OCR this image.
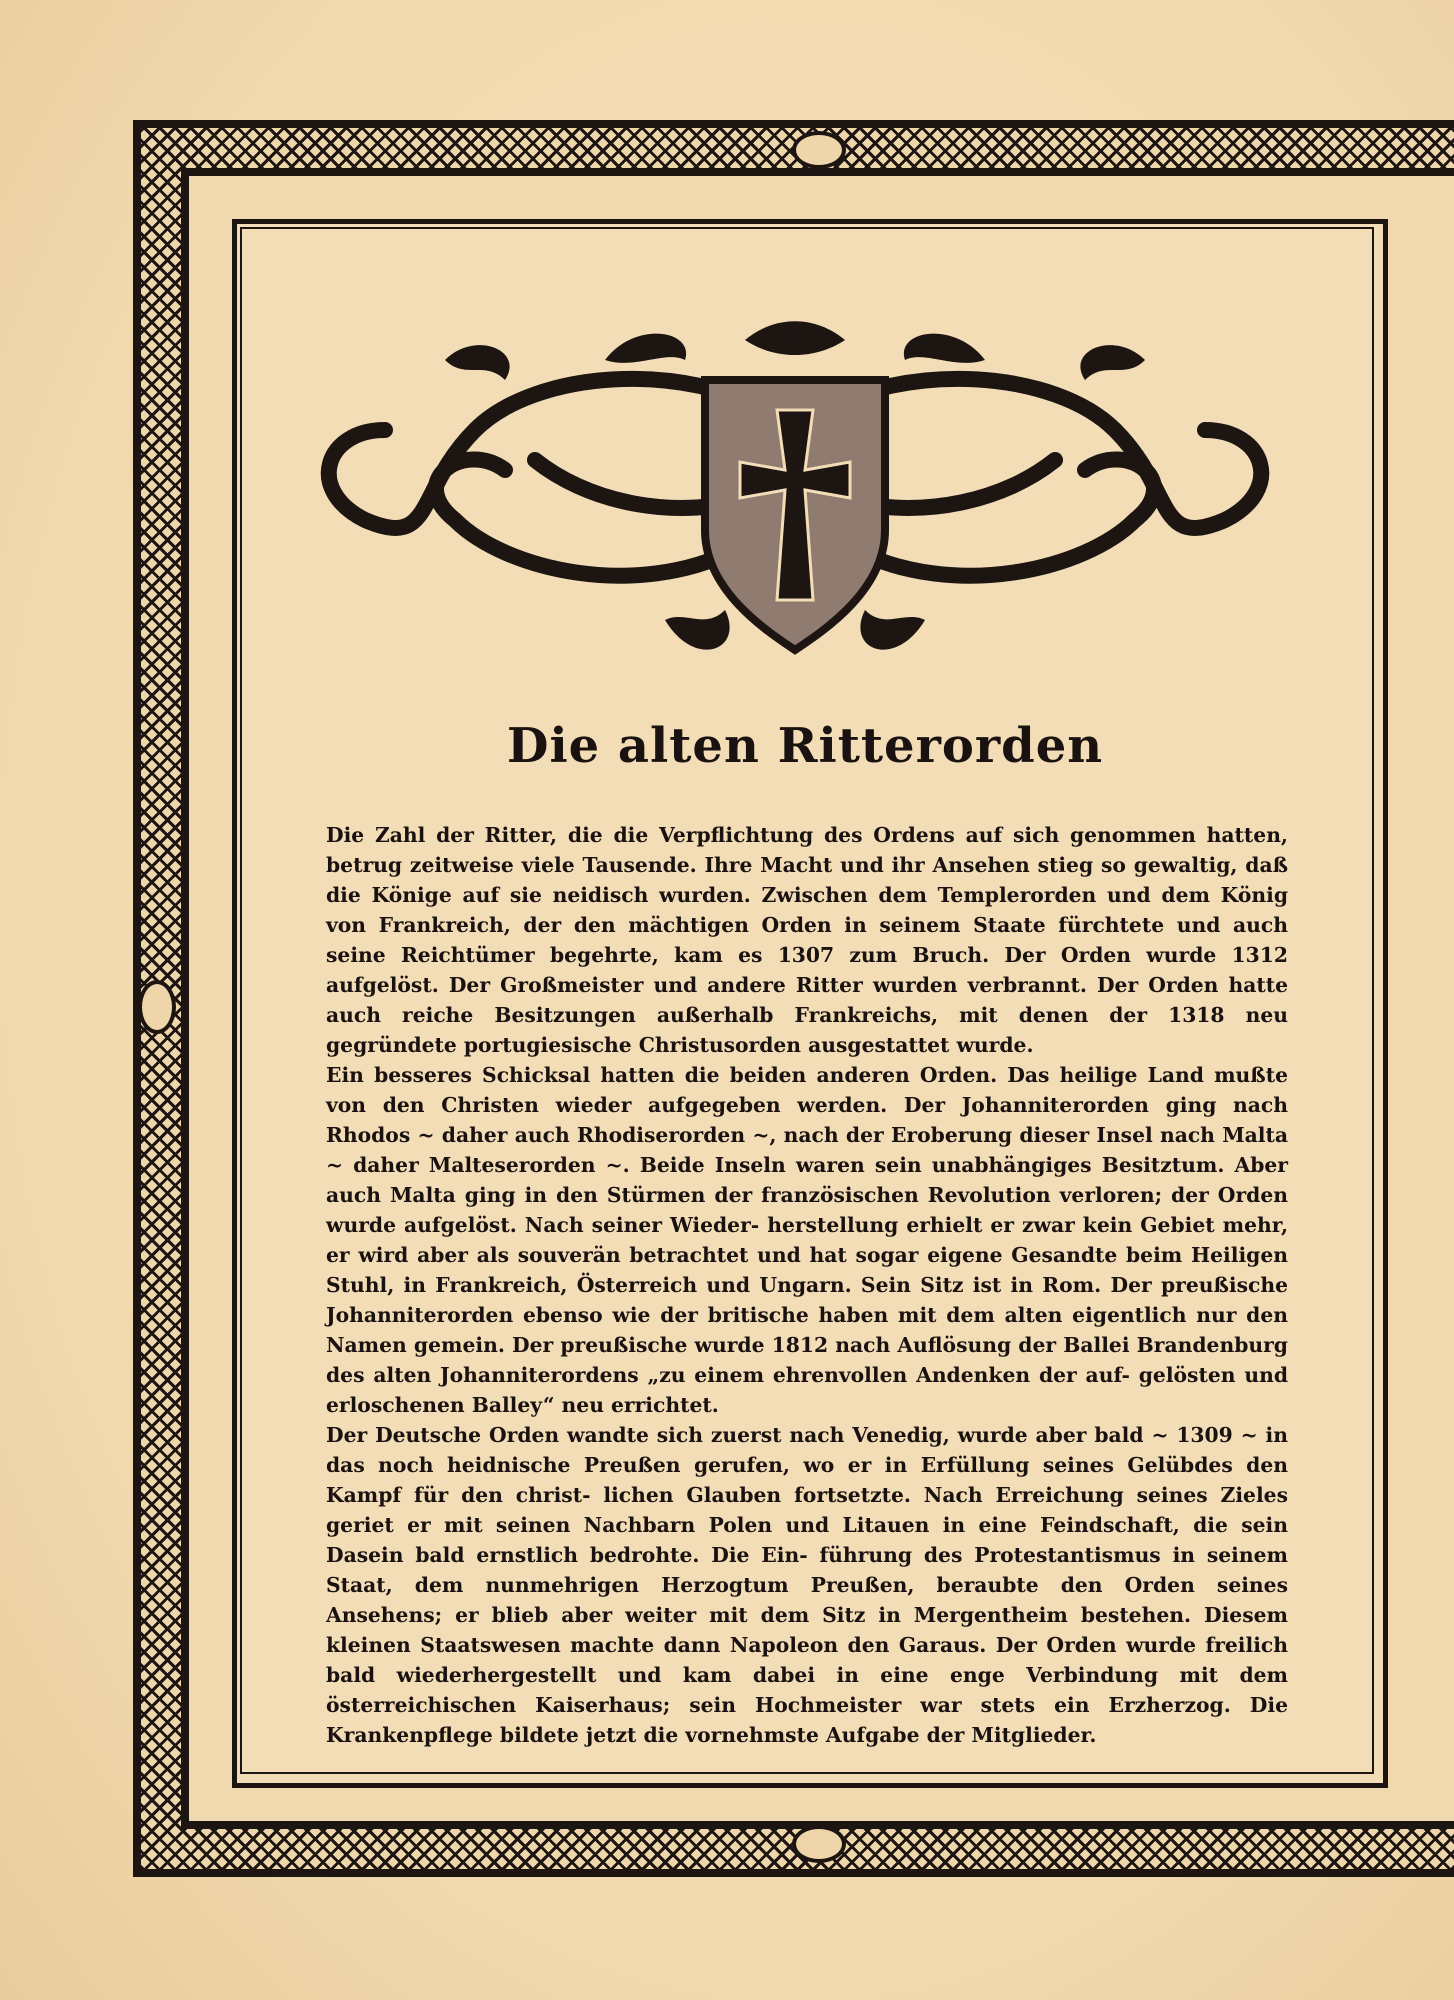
c
Die alten Ritterorden

Die Zahl der Ritter, die die Verpflichtung des Ordens auf sich genommen hatten, betrug zeitweise viele Tausende. Ihre Macht und ihr Ansehen stieg so gewaltig, daß die Könige auf sie neidisch wurden. Zwischen dem Templerorden und dem König von Frankreich, der den mächtigen Orden in seinem Staate fürchtete und auch seine Reichtümer begehrte, kam es 1307 zum Bruch. Der Orden wurde 1312 aufgelöst. Der Großmeister und andere Ritter wurden verbrannt. Der Orden hatte auch reiche Besitzungen außerhalb Frankreichs, mit denen der 1318 neu gegründete portugiesische Christusorden ausgestattet wurde.

Ein besseres Schicksal hatten die beiden anderen Orden. Das heilige Land mußte von den Christen wieder aufgegeben werden. Der Johanniterorden ging nach Rhodos ~ daher auch Rhodiserorden ~, nach der Eroberung dieser Insel nach Malta ~ daher Malteserorden ~. Beide Inseln waren sein unabhängiges Besitztum. Aber auch Malta ging in den Stürmen der französischen Revolution verloren; der Orden wurde aufgelöst. Nach seiner Wieder- herstellung erhielt er zwar kein Gebiet mehr, er wird aber als souverän betrachtet und hat sogar eigene Gesandte beim Heiligen Stuhl, in Frankreich, Österreich und Ungarn. Sein Sitz ist in Rom. Der preußische Johanniterorden ebenso wie der britische haben mit dem alten eigentlich nur den Namen gemein. Der preußische wurde 1812 nach Auflösung der Ballei Brandenburg des alten Johanniterordens „zu einem ehrenvollen Andenken der auf- gelösten und erloschenen Balley“ neu errichtet.

Der Deutsche Orden wandte sich zuerst nach Venedig, wurde aber bald ~ 1309 ~ in das noch heidnische Preußen gerufen, wo er in Erfüllung seines Gelübdes den Kampf für den christ- lichen Glauben fortsetzte. Nach Erreichung seines Zieles geriet er mit seinen Nachbarn Polen und Litauen in eine Feindschaft, die sein Dasein bald ernstlich bedrohte. Die Ein- führung des Protestantismus in seinem Staat, dem nunmehrigen Herzogtum Preußen, beraubte den Orden seines Ansehens; er blieb aber weiter mit dem Sitz in Mergentheim bestehen. Diesem kleinen Staatswesen machte dann Napoleon den Garaus. Der Orden wurde freilich bald wiederhergestellt und kam dabei in eine enge Verbindung mit dem österreichischen Kaiserhaus; sein Hochmeister war stets ein Erzherzog. Die Krankenpflege bildete jetzt die vornehmste Aufgabe der Mitglieder.
